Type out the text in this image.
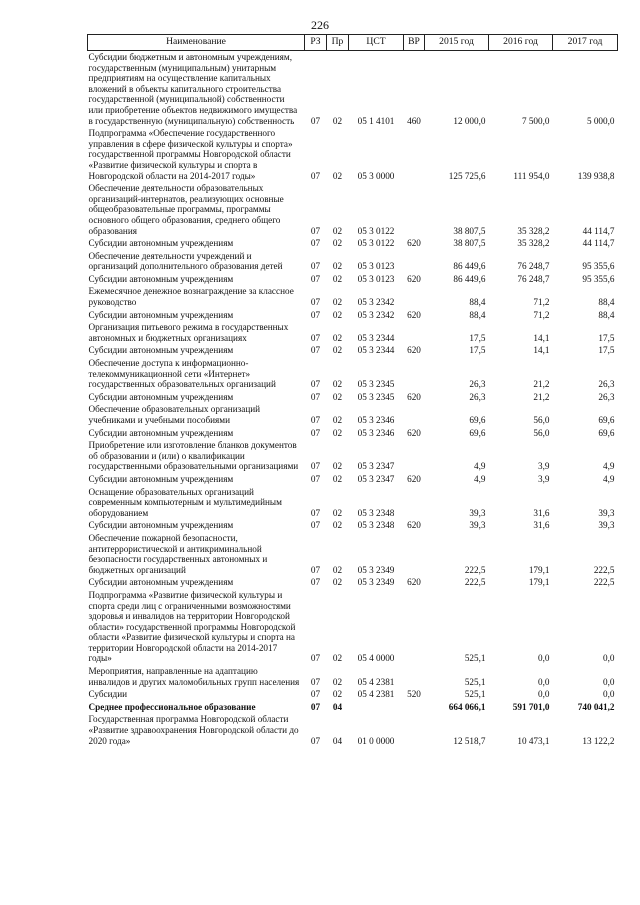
226
Наименование	РЗ	Пр	ЦСТ	ВР	2015 год	2016 год	2017 год
Субсидии бюджетным и автономным учреждениям, государственным (муниципальным) унитарным предприятиям на осуществление капитальных вложений в объекты капитального строительства государственной (муниципальной) собственности или приобретение объектов недвижимого имущества в государственную (муниципальную) собственность	07	02	05 1 4101	460	12 000,0	7 500,0	5 000,0
Подпрограмма «Обеспечение государственного управления в сфере физической культуры и спорта» государственной программы Новгородской области «Развитие физической культуры и спорта в Новгородской области на 2014-2017 годы»	07	02	05 3 0000		125 725,6	111 954,0	139 938,8
Обеспечение деятельности образовательных организаций-интернатов, реализующих основные общеобразовательные программы, программы основного общего образования, среднего общего образования	07	02	05 3 0122		38 807,5	35 328,2	44 114,7
Субсидии автономным учреждениям	07	02	05 3 0122	620	38 807,5	35 328,2	44 114,7
Обеспечение деятельности учреждений и организаций дополнительного образования детей	07	02	05 3 0123		86 449,6	76 248,7	95 355,6
Субсидии автономным учреждениям	07	02	05 3 0123	620	86 449,6	76 248,7	95 355,6
Ежемесячное денежное вознаграждение за классное руководство	07	02	05 3 2342		88,4	71,2	88,4
Субсидии автономным учреждениям	07	02	05 3 2342	620	88,4	71,2	88,4
Организация питьевого режима в государственных автономных и бюджетных организациях	07	02	05 3 2344		17,5	14,1	17,5
Субсидии автономным учреждениям	07	02	05 3 2344	620	17,5	14,1	17,5
Обеспечение доступа к информационно-телекоммуникационной сети «Интернет» государственных образовательных организаций	07	02	05 3 2345		26,3	21,2	26,3
Субсидии автономным учреждениям	07	02	05 3 2345	620	26,3	21,2	26,3
Обеспечение образовательных организаций учебниками и учебными пособиями	07	02	05 3 2346		69,6	56,0	69,6
Субсидии автономным учреждениям	07	02	05 3 2346	620	69,6	56,0	69,6
Приобретение или изготовление бланков документов об образовании и (или) о квалификации государственными образовательными организациями	07	02	05 3 2347		4,9	3,9	4,9
Субсидии автономным учреждениям	07	02	05 3 2347	620	4,9	3,9	4,9
Оснащение образовательных организаций современным компьютерным и мультимедийным оборудованием	07	02	05 3 2348		39,3	31,6	39,3
Субсидии автономным учреждениям	07	02	05 3 2348	620	39,3	31,6	39,3
Обеспечение пожарной безопасности, антитеррористической и антикриминальной безопасности государственных автономных и бюджетных организаций	07	02	05 3 2349		222,5	179,1	222,5
Субсидии автономным учреждениям	07	02	05 3 2349	620	222,5	179,1	222,5
Подпрограмма «Развитие физической культуры и спорта среди лиц с ограниченными возможностями здоровья и инвалидов на территории Новгородской области» государственной программы Новгородской области «Развитие физической культуры и спорта на территории Новгородской области на 2014-2017 годы»	07	02	05 4 0000		525,1	0,0	0,0
Мероприятия, направленные на адаптацию инвалидов и других маломобильных групп населения	07	02	05 4 2381		525,1	0,0	0,0
Субсидии	07	02	05 4 2381	520	525,1	0,0	0,0
Среднее профессиональное образование	07	04			664 066,1	591 701,0	740 041,2
Государственная программа Новгородской области «Развитие здравоохранения Новгородской области до 2020 года»	07	04	01 0 0000		12 518,7	10 473,1	13 122,2
